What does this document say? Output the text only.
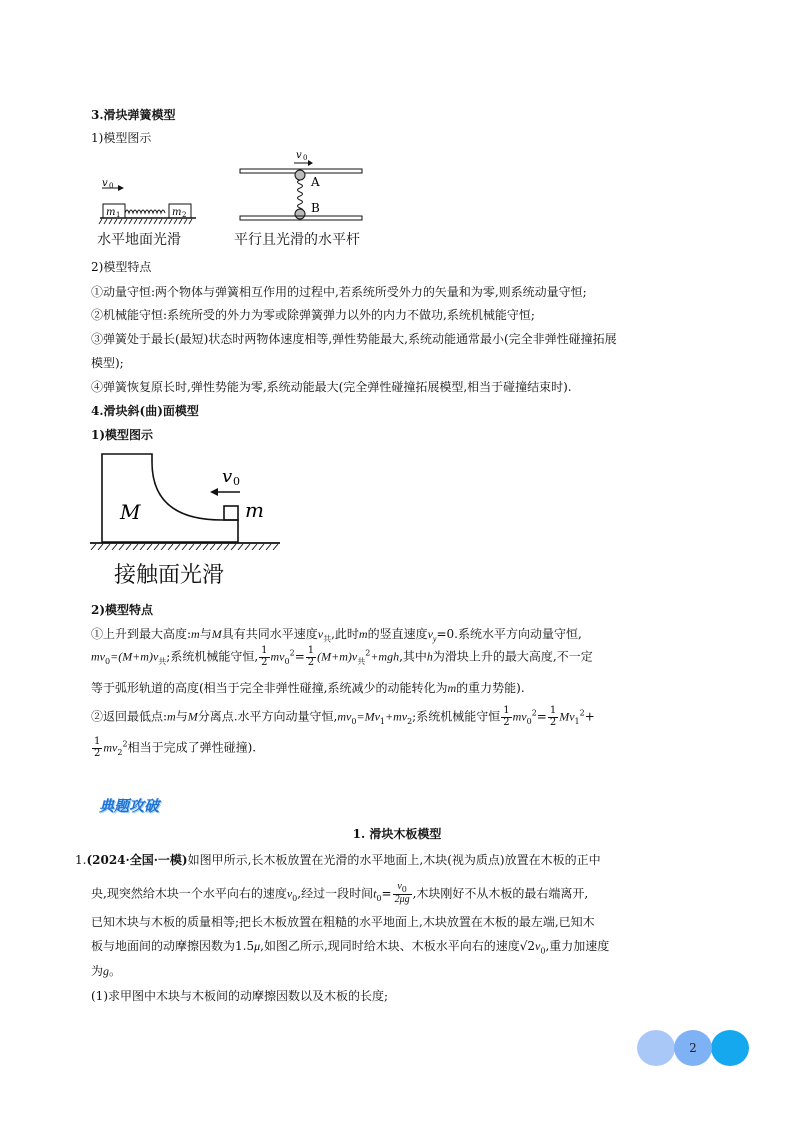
3.滑块弹簧模型
1)模型图示
v 0
m 1	m 2
水平地面光滑
v 0
A
B
平行且光滑的水平杆
2)模型特点
①动量守恒:两个物体与弹簧相互作用的过程中,若系统所受外力的矢量和为零,则系统动量守恒;
②机械能守恒:系统所受的外力为零或除弹簧弹力以外的内力不做功,系统机械能守恒;
③弹簧处于最长(最短)状态时两物体速度相等,弹性势能最大,系统动能通常最小(完全非弹性碰撞拓展
模型);
④弹簧恢复原长时,弹性势能为零,系统动能最大(完全弹性碰撞拓展模型,相当于碰撞结束时).
4.滑块斜(曲)面模型
1)模型图示
M	m
v 0
接触面光滑
2)模型特点
①上升到最大高度:m与M具有共同水平速度$v_共$,此时m的竖直速度$v_y=0$.系统水平方向动量守恒,
$mv_0=(M+m)v_共$;系统机械能守恒, $\frac{1}{2} mv_0^2= \frac{1}{2} (M+m)v_共^2+mgh$,其中h为滑块上升的最大高度,不一定
等于弧形轨道的高度(相当于完全非弹性碰撞,系统减少的动能转化为m的重力势能).
②返回最低点:m与M分离点.水平方向动量守恒$,mv_0=Mv_1+mv_2$;系统机械能守恒 $\frac{1}{2} mv_0^2= \frac{1}{2} Mv_1^2+$
$\frac{1}{2} mv_2^2$相当于完成了弹性碰撞).
典题攻破
1. 滑块木板模型
1.(2024·全国·一模)如图甲所示,长木板放置在光滑的水平地面上,木块(视为质点)放置在木板的正中
央,现突然给木块一个水平向右的速度$v_0$,经过一段时间$t_0= \frac{v_0}{2\mu g}$ ,木块刚好不从木板的最右端离开,
已知木块与木板的质量相等;把长木板放置在粗糙的水平地面上,木块放置在木板的最左端,已知木
板与地面间的动摩擦因数为1.5μ,如图乙所示,现同时给木块、木板水平向右的速度$√2v_0$,重力加速度
为g。
(1)求甲图中木块与木板间的动摩擦因数以及木板的长度;
2
